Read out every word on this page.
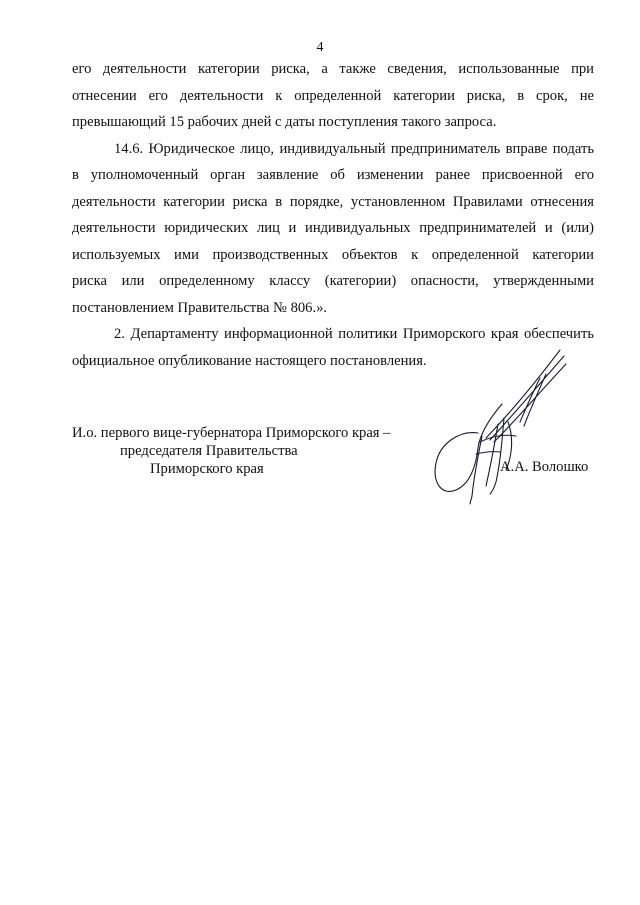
4

его деятельности категории риска, а также сведения, использованные при
отнесении его деятельности к определенной категории риска, в срок, не
превышающий 15 рабочих дней с даты поступления такого запроса.

14.6. Юридическое лицо, индивидуальный предприниматель вправе подать
в уполномоченный орган заявление об изменении ранее присвоенной его
деятельности категории риска в порядке, установленном Правилами отнесения
деятельности юридических лиц и индивидуальных предпринимателей и (или)
используемых ими производственных объектов к определенной категории
риска или определенному классу (категории) опасности, утвержденными
постановлением Правительства № 806.».

2. Департаменту информационной политики Приморского края обеспечить
официальное опубликование настоящего постановления.

И.о. первого вице-губернатора Приморского края –
председателя Правительства
Приморского края	А.А. Волошко
